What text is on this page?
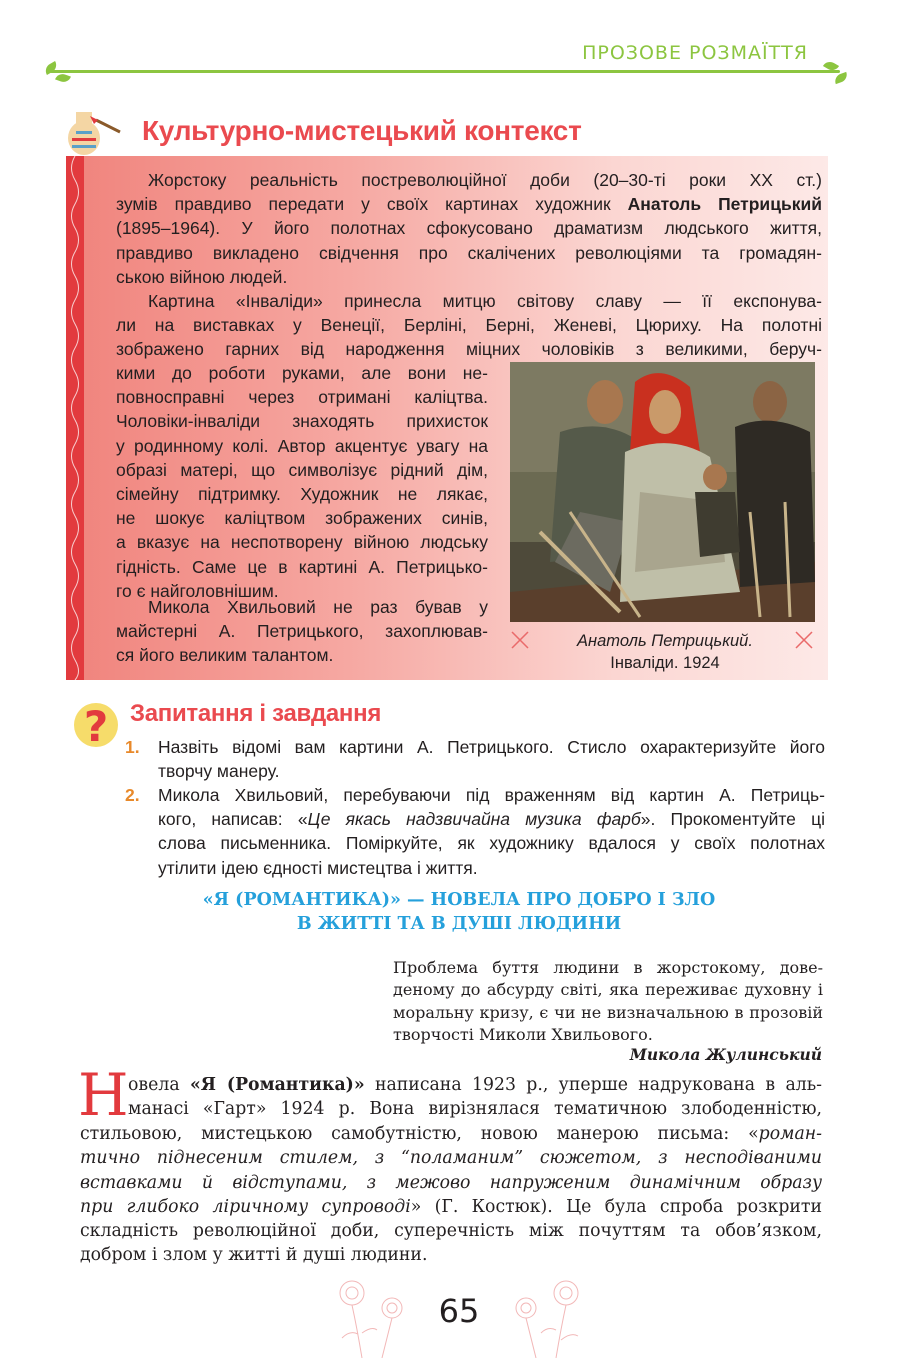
ПРОЗОВЕ РОЗМАЇТТЯ
Культурно-мистецький контекст
Жорстоку реальність постреволюційної доби (20–30-ті роки XX ст.)
зумів правдиво передати у своїх картинах художник Анатоль Петрицький
(1895–1964). У його полотнах сфокусовано драматизм людського життя,
правдиво викладено свідчення про скалічених революціями та громадян-
ською війною людей.
Картина «Інваліди» принесла митцю світову славу — її експонува-
ли на виставках у Венеції, Берліні, Берні, Женеві, Цюриху. На полотні
зображено гарних від народження міцних чоловіків з великими, беруч-
кими до роботи руками, але вони не-
повносправні через отримані каліцтва.
Чоловіки-інваліди знаходять прихисток
у родинному колі. Автор акцентує увагу на
образі матері, що символізує рідний дім,
сімейну підтримку. Художник не лякає,
не шокує каліцтвом зображених синів,
а вказує на неспотворену війною людську
гідність. Саме це в картині А. Петрицько-
го є найголовнішим.
Микола Хвильовий не раз бував у
майстерні А. Петрицького, захоплював-
ся його великим талантом.
Анатоль Петрицький.
Інваліди. 1924
? Запитання і завдання
1.	Назвіть відомі вам картини А. Петрицького. Стисло охарактеризуйте його
творчу манеру.
2.	Микола Хвильовий, перебуваючи під враженням від картин А. Петриць-
кого, написав: «Це якась надзвичайна музика фарб». Прокоментуйте ці
слова письменника. Поміркуйте, як художнику вдалося у своїх полотнах
утілити ідею єдності мистецтва і життя.
«Я (РОМАНТИКА)» — НОВЕЛА ПРО ДОБРО І ЗЛО
В ЖИТТІ ТА В ДУШІ ЛЮДИНИ
Проблема буття людини в жорстокому, дове-
деному до абсурду світі, яка переживає духовну і
моральну кризу, є чи не визначальною в прозовій
творчості Миколи Хвильового.
Микола Жулинський
Н овела «Я (Романтика)» написана 1923 р., уперше надрукована в аль-
манасі «Гарт» 1924 р. Вона вирізнялася тематичною злободенністю,
стильовою, мистецькою самобутністю, новою манерою письма: «роман-
тично піднесеним стилем, з “поламаним” сюжетом, з несподіваними
вставками й відступами, з межово напруженим динамічним образу
при глибоко ліричному супроводі» (Г. Костюк). Це була спроба розкрити
складність революційної доби, суперечність між почуттям та обов’язком,
добром і злом у житті й душі людини.
65
